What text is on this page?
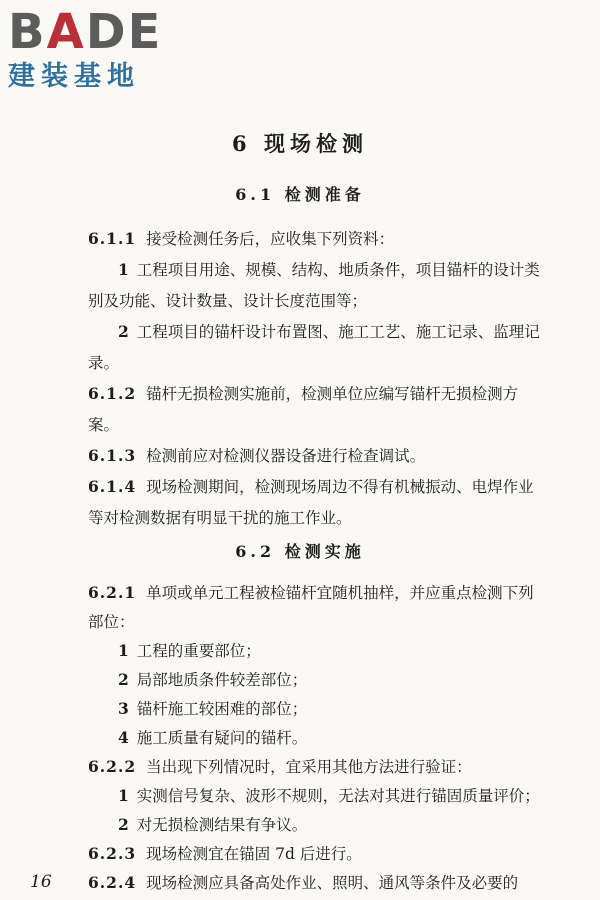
BADE
建装基地
6 现场检测
6.1 检测准备
6.1.1 接受检测任务后，应收集下列资料：
1 工程项目用途、规模、结构、地质条件，项目锚杆的设计类别及功能、设计数量、设计长度范围等；
2 工程项目的锚杆设计布置图、施工工艺、施工记录、监理记录。
6.1.2 锚杆无损检测实施前，检测单位应编写锚杆无损检测方案。
6.1.3 检测前应对检测仪器设备进行检查调试。
6.1.4 现场检测期间，检测现场周边不得有机械振动、电焊作业等对检测数据有明显干扰的施工作业。
6.2 检测实施
6.2.1 单项或单元工程被检锚杆宜随机抽样，并应重点检测下列部位：
1 工程的重要部位；
2 局部地质条件较差部位；
3 锚杆施工较困难的部位；
4 施工质量有疑问的锚杆。
6.2.2 当出现下列情况时，宜采用其他方法进行验证：
1 实测信号复杂、波形不规则，无法对其进行锚固质量评价；
16
2 对无损检测结果有争议。
6.2.3 现场检测宜在锚固 7d 后进行。
6.2.4 现场检测应具备高处作业、照明、通风等条件及必要的
